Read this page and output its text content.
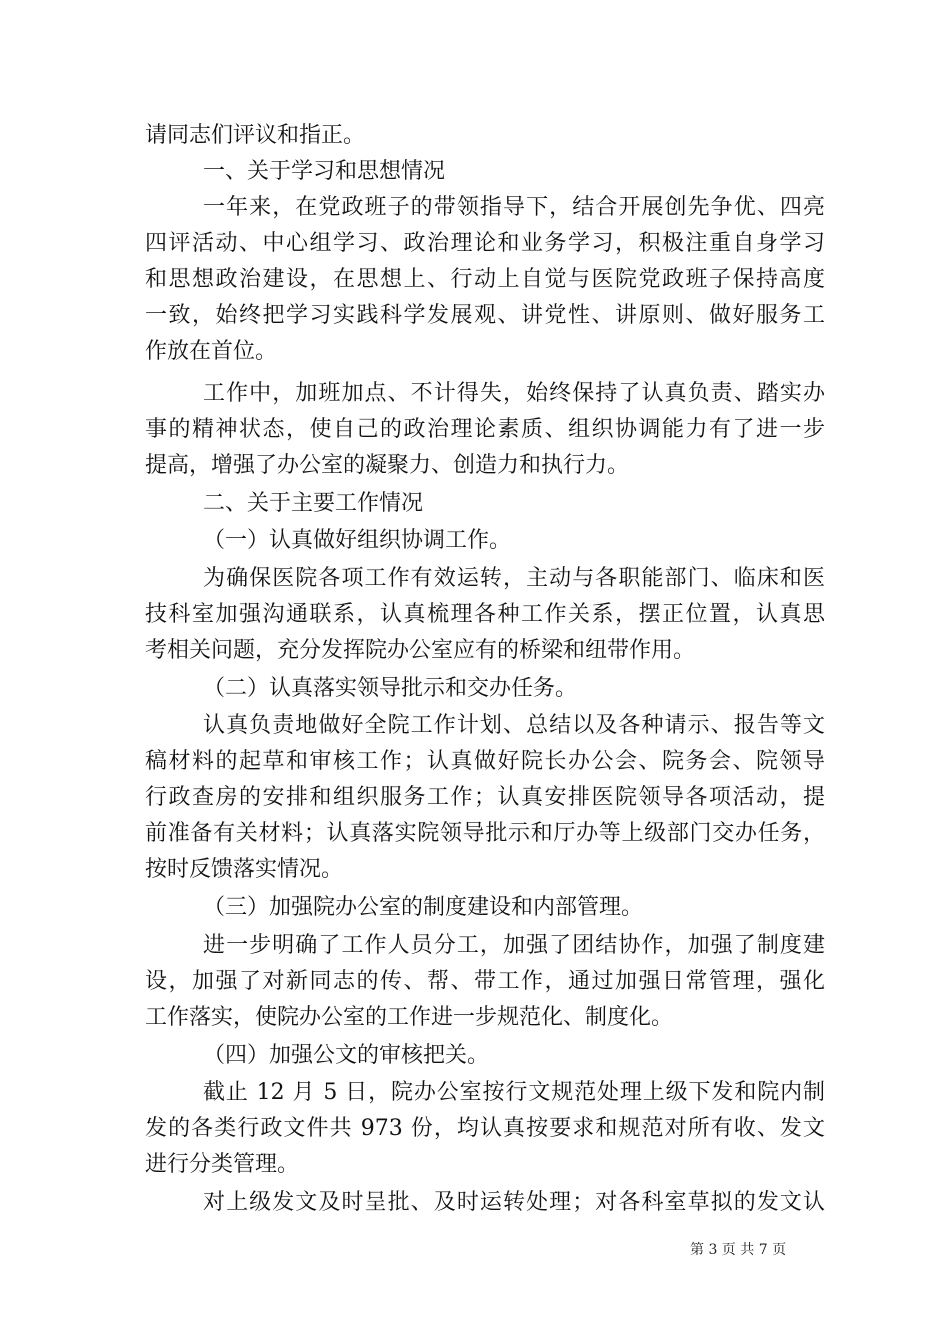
请同志们评议和指正。
一、关于学习和思想情况
一年来，在党政班子的带领指导下，结合开展创先争优、四亮
四评活动、中心组学习、政治理论和业务学习，积极注重自身学习
和思想政治建设，在思想上、行动上自觉与医院党政班子保持高度
一致，始终把学习实践科学发展观、讲党性、讲原则、做好服务工
作放在首位。
工作中，加班加点、不计得失，始终保持了认真负责、踏实办
事的精神状态，使自己的政治理论素质、组织协调能力有了进一步
提高，增强了办公室的凝聚力、创造力和执行力。
二、关于主要工作情况
（一）认真做好组织协调工作。
为确保医院各项工作有效运转，主动与各职能部门、临床和医
技科室加强沟通联系，认真梳理各种工作关系，摆正位置，认真思
考相关问题，充分发挥院办公室应有的桥梁和纽带作用。
（二）认真落实领导批示和交办任务。
认真负责地做好全院工作计划、总结以及各种请示、报告等文
稿材料的起草和审核工作；认真做好院长办公会、院务会、院领导
行政查房的安排和组织服务工作；认真安排医院领导各项活动，提
前准备有关材料；认真落实院领导批示和厅办等上级部门交办任务，
按时反馈落实情况。
（三）加强院办公室的制度建设和内部管理。
进一步明确了工作人员分工，加强了团结协作，加强了制度建
设，加强了对新同志的传、帮、带工作，通过加强日常管理，强化
工作落实，使院办公室的工作进一步规范化、制度化。
（四）加强公文的审核把关。
截止 12 月 5 日，院办公室按行文规范处理上级下发和院内制
发的各类行政文件共 973 份，均认真按要求和规范对所有收、发文
进行分类管理。
对上级发文及时呈批、及时运转处理；对各科室草拟的发文认
第 3 页 共 7 页
